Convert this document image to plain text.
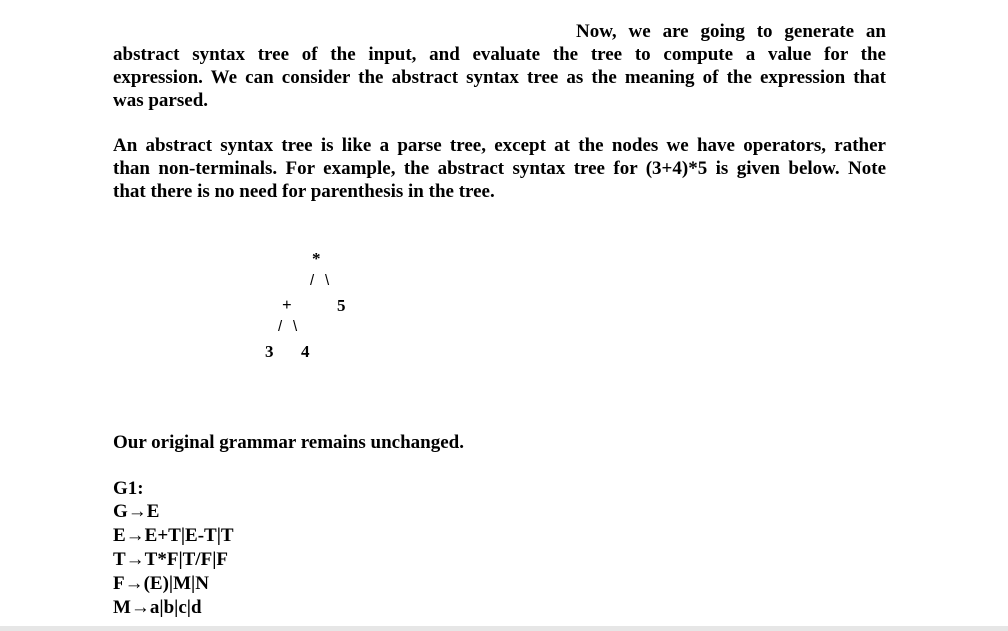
Now, we are going to generate an
abstract syntax tree of the input, and evaluate the tree to compute a value for the
expression. We can consider the abstract syntax tree as the meaning of the expression that
was parsed.

An abstract syntax tree is like a parse tree, except at the nodes we have operators, rather
than non-terminals. For example, the abstract syntax tree for (3+4)*5 is given below. Note
that there is no need for parenthesis in the tree.

*
/ \
+	5
/ \
3 4
Our original grammar remains unchanged.
G1:
G→E
E→E+T|E-T|T
T→T*F|T/F|F
F→(E)|M|N
M→a|b|c|d
